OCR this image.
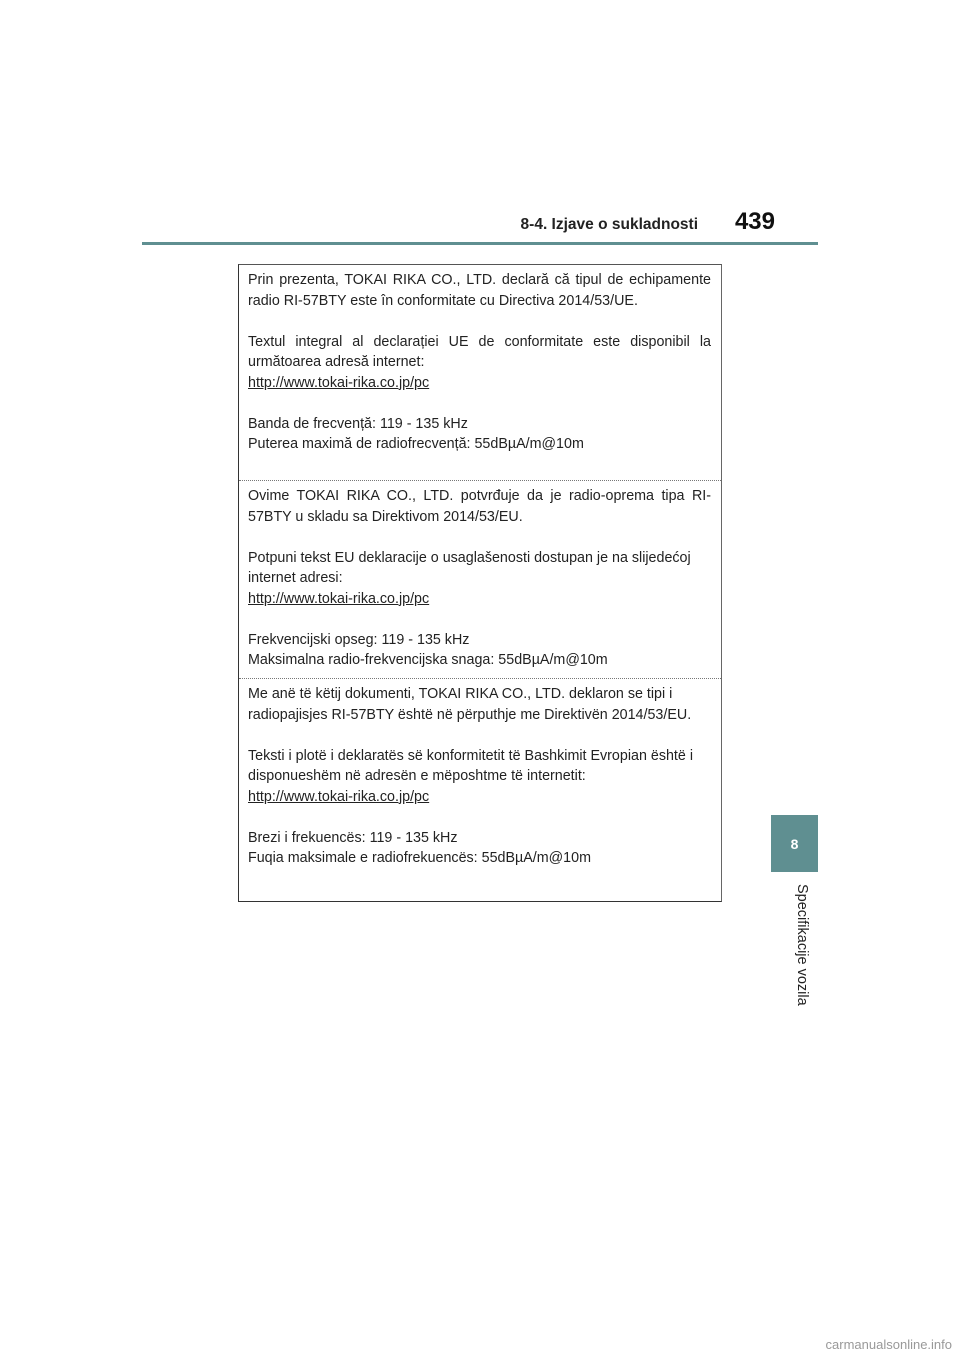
8-4. Izjave o sukladnosti	439
8
Specifikacije vozila

Prin prezenta, TOKAI RIKA CO., LTD. declară că tipul de echipamente radio RI-57BTY este în conformitate cu Directiva 2014/53/UE.

Textul integral al declarației UE de conformitate este disponibil la următoarea adresă internet:
http://www.tokai-rika.co.jp/pc

Banda de frecvență: 119 - 135 kHz
Puterea maximă de radiofrecvență: 55dBµA/m@10m

Ovime TOKAI RIKA CO., LTD. potvrđuje da je radio-oprema tipa RI-57BTY u skladu sa Direktivom 2014/53/EU.

Potpuni tekst EU deklaracije o usaglašenosti dostupan je na slijedećoj internet adresi:
http://www.tokai-rika.co.jp/pc

Frekvencijski opseg: 119 - 135 kHz
Maksimalna radio-frekvencijska snaga: 55dBµA/m@10m

Me anë të këtij dokumenti, TOKAI RIKA CO., LTD. deklaron se tipi i radiopajisjes RI-57BTY është në përputhje me Direktivën 2014/53/EU.

Teksti i plotë i deklaratës së konformitetit të Bashkimit Evropian është i disponueshëm në adresën e mëposhtme të internetit:
http://www.tokai-rika.co.jp/pc

Brezi i frekuencës: 119 - 135 kHz
Fuqia maksimale e radiofrekuencës: 55dBµA/m@10m

carmanualsonline.info
